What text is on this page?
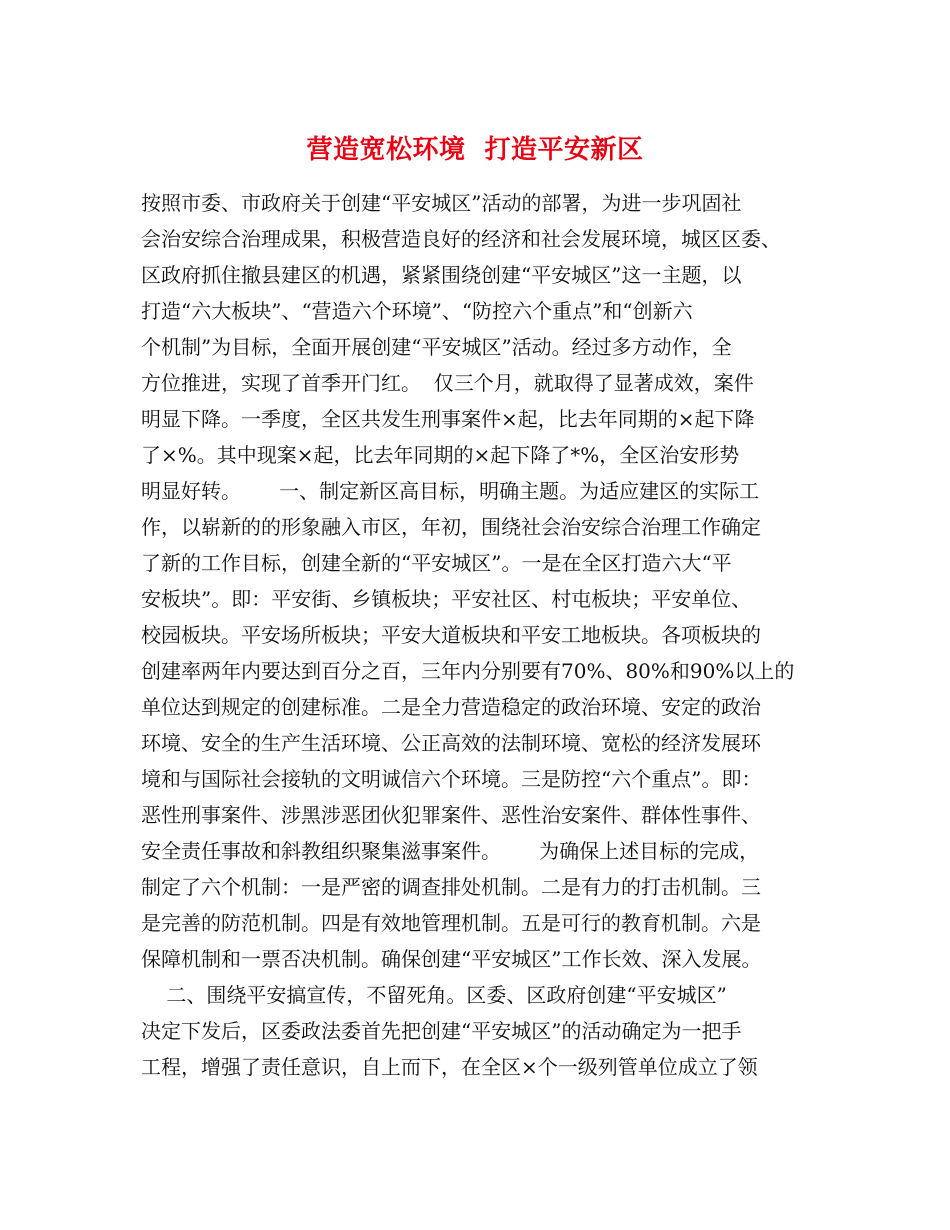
营造宽松环境  打造平安新区
按照市委、市政府关于创建“平安城区”活动的部署，为进一步巩固社
会治安综合治理成果，积极营造良好的经济和社会发展环境，城区区委、
区政府抓住撤县建区的机遇，紧紧围绕创建“平安城区”这一主题，以
打造“六大板块”、“营造六个环境”、“防控六个重点”和“创新六
个机制”为目标，全面开展创建“平安城区”活动。经过多方动作，全
方位推进，实现了首季开门红。  仅三个月，就取得了显著成效，案件
明显下降。一季度，全区共发生刑事案件×起，比去年同期的×起下降
了×%。其中现案×起，比去年同期的×起下降了*%，全区治安形势
明显好转。      一、制定新区高目标，明确主题。为适应建区的实际工
作，以崭新的的形象融入市区，年初，围绕社会治安综合治理工作确定
了新的工作目标，创建全新的“平安城区”。一是在全区打造六大“平
安板块”。即：平安街、乡镇板块；平安社区、村屯板块；平安单位、
校园板块。平安场所板块；平安大道板块和平安工地板块。各项板块的
创建率两年内要达到百分之百，三年内分别要有70%、80%和90%以上的
单位达到规定的创建标准。二是全力营造稳定的政治环境、安定的政治
环境、安全的生产生活环境、公正高效的法制环境、宽松的经济发展环
境和与国际社会接轨的文明诚信六个环境。三是防控“六个重点”。即：
恶性刑事案件、涉黑涉恶团伙犯罪案件、恶性治安案件、群体性事件、
安全责任事故和斜教组织聚集滋事案件。      为确保上述目标的完成，
制定了六个机制：一是严密的调查排处机制。二是有力的打击机制。三
是完善的防范机制。四是有效地管理机制。五是可行的教育机制。六是
保障机制和一票否决机制。确保创建“平安城区”工作长效、深入发展。
二、围绕平安搞宣传，不留死角。区委、区政府创建“平安城区”
决定下发后，区委政法委首先把创建“平安城区”的活动确定为一把手
工程，增强了责任意识，自上而下，在全区×个一级列管单位成立了领
